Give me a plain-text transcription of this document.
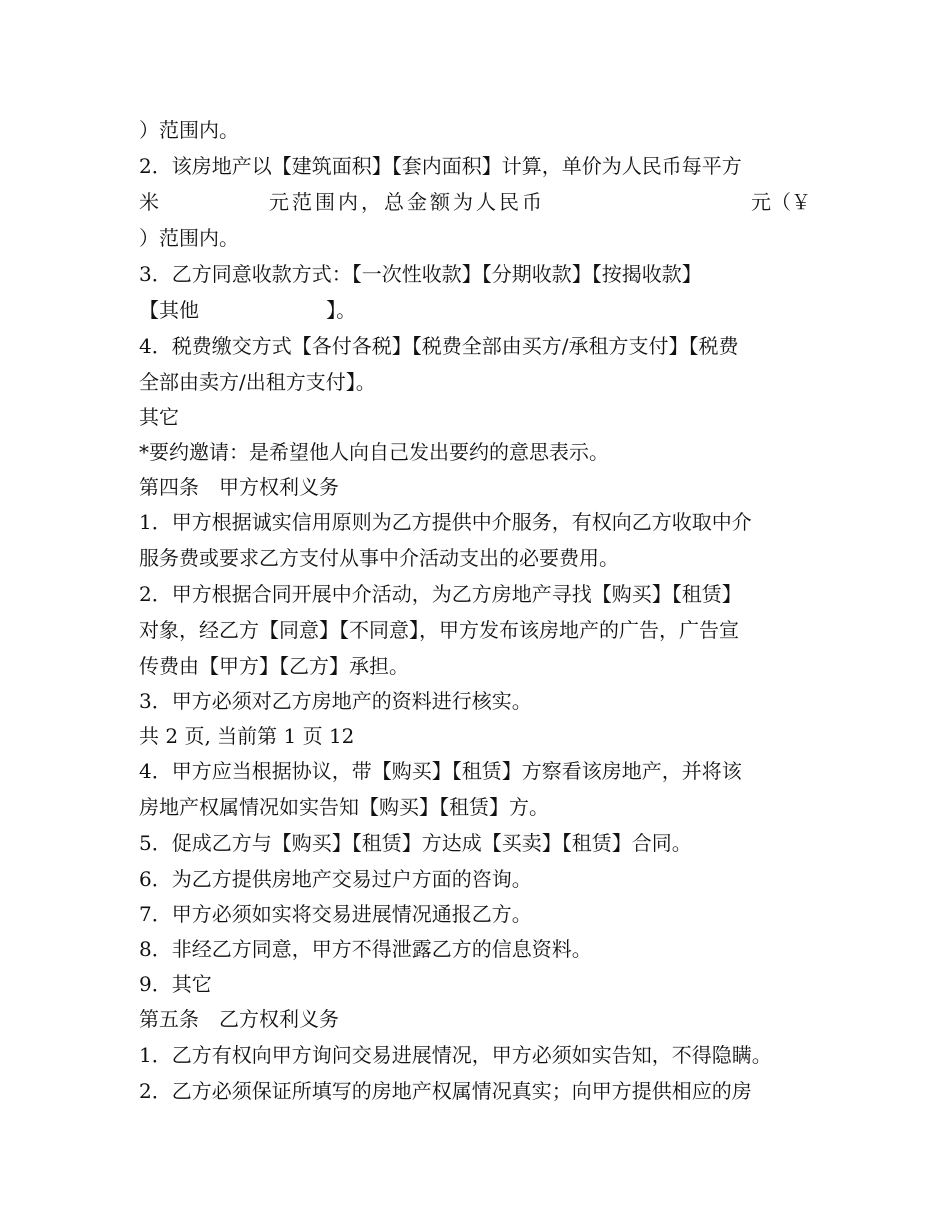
）范围内。
2．该房地产以【建筑面积】【套内面积】计算，单价为人民币每平方
米	元范围内，总金额为人民币	元（￥
）范围内。
3．乙方同意收款方式：【一次性收款】【分期收款】【按揭收款】
【其他                    】。
4．税费缴交方式【各付各税】【税费全部由买方/承租方支付】【税费
全部由卖方/出租方支付】。
其它
*要约邀请：是希望他人向自己发出要约的意思表示。
第四条　甲方权利义务
1．甲方根据诚实信用原则为乙方提供中介服务，有权向乙方收取中介
服务费或要求乙方支付从事中介活动支出的必要费用。
2．甲方根据合同开展中介活动，为乙方房地产寻找【购买】【租赁】
对象，经乙方【同意】【不同意】，甲方发布该房地产的广告，广告宣
传费由【甲方】【乙方】承担。
3．甲方必须对乙方房地产的资料进行核实。
共 2 页, 当前第 1 页 12
4．甲方应当根据协议，带【购买】【租赁】方察看该房地产，并将该
房地产权属情况如实告知【购买】【租赁】方。
5．促成乙方与【购买】【租赁】方达成【买卖】【租赁】合同。
6．为乙方提供房地产交易过户方面的咨询。
7．甲方必须如实将交易进展情况通报乙方。
8．非经乙方同意，甲方不得泄露乙方的信息资料。
9．其它
第五条　乙方权利义务
1．乙方有权向甲方询问交易进展情况，甲方必须如实告知，不得隐瞒。
2．乙方必须保证所填写的房地产权属情况真实；向甲方提供相应的房
